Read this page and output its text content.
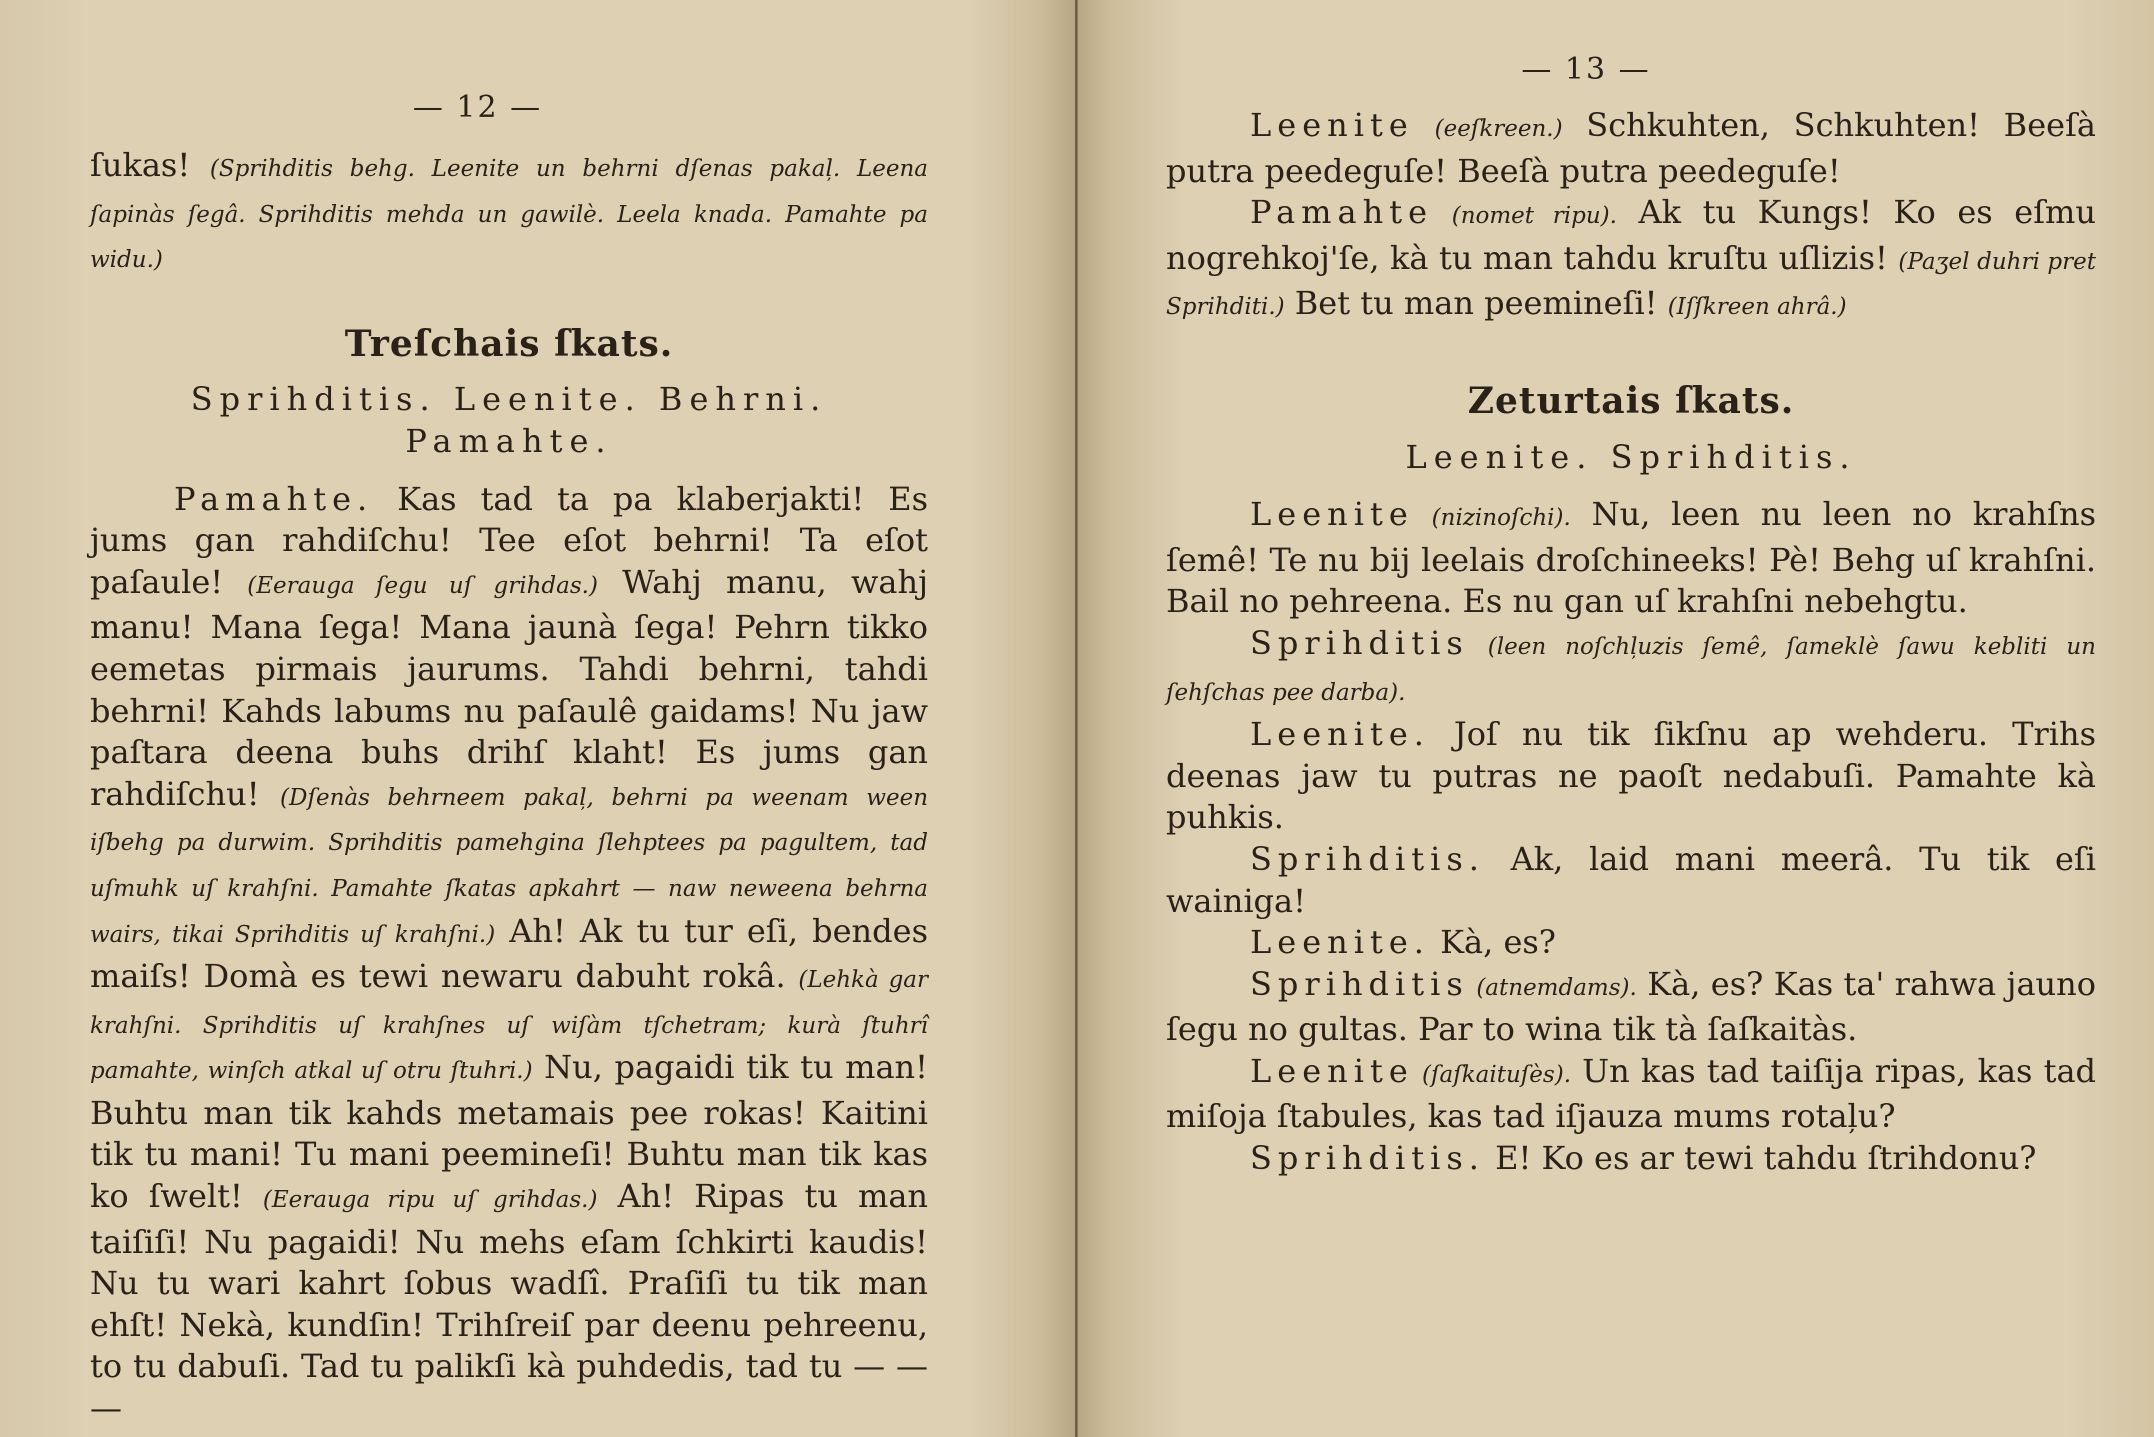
— 12 —

ſukas! (Sprihditis behg. Leenite un behrni dſenas pakaļ. Leena ſapinàs ſegâ. Sprihditis mehda un gawilè. Leela knada. Pamahte pa widu.)

Treſchais ſkats.
Sprihditis. Leenite. Behrni. Pamahte.

Pamahte. Kas tad ta pa klaberjakti! Es jums gan rahdiſchu! Tee eſot behrni! Ta eſot paſaule! (Eerauga ſegu uſ grihdas.) Wahj manu, wahj manu! Mana ſega! Mana jaunà ſega! Pehrn tikko eemetas pirmais jaurums. Tahdi behrni, tahdi behrni! Kahds labums nu paſaulê gaidams! Nu jaw paſtara deena buhs drihſ klaht! Es jums gan rahdiſchu! (Dſenàs behrneem pakaļ, behrni pa weenam ween iſbehg pa durwim. Sprihditis pamehgina ſlehptees pa pagultem, tad uſmuhk uſ krahſni. Pamahte ſkatas apkahrt — naw neweena behrna wairs, tikai Sprihditis uſ krahſni.) Ah! Ak tu tur eſi, bendes maiſs! Domà es tewi newaru dabuht rokâ. (Lehkà gar krahſni. Sprihditis uſ krahſnes uſ wiſàm tſchetram; kurà ſtuhrî pamahte, winſch atkal uſ otru ſtuhri.) Nu, pagaidi tik tu man! Buhtu man tik kahds metamais pee rokas! Kaitini tik tu mani! Tu mani peemineſi! Buhtu man tik kas ko ſwelt! (Eerauga ripu uſ grihdas.) Ah! Ripas tu man taiſiſi! Nu pagaidi! Nu mehs eſam ſchkirti kaudis! Nu tu wari kahrt ſobus wadſî. Praſiſi tu tik man ehſt! Nekà, kundſin! Trihſreiſ par deenu pehreenu, to tu dabuſi. Tad tu palikſi kà puhdedis, tad tu — — —

— 13 —

Leenite (eeſkreen.) Schkuhten, Schkuhten! Beeſà putra peedeguſe! Beeſà putra peedeguſe!

Pamahte (nomet ripu). Ak tu Kungs! Ko es eſmu nogrehkoj'ſe, kà tu man tahdu kruſtu uſlizis! (Paʒel duhri pret Sprihditi.) Bet tu man peemineſi! (Iſſkreen ahrâ.)

Zeturtais ſkats.
Leenite. Sprihditis.

Leenite (nizinoſchi). Nu, leen nu leen no krahſns ſemê! Te nu bij leelais droſchineeks! Pè! Behg uſ krahſni. Bail no pehreena. Es nu gan uſ krahſni nebehgtu.

Sprihditis (leen noſchļuzis ſemê, ſameklè ſawu kebliti un ſehſchas pee darba).

Leenite. Joſ nu tik ſikſnu ap wehderu. Trihs deenas jaw tu putras ne paoſt nedabuſi. Pamahte kà puhkis.

Sprihditis. Ak, laid mani meerâ. Tu tik eſi wainiga!

Leenite. Kà, es?

Sprihditis (atnemdams). Kà, es? Kas ta' rahwa jauno ſegu no gultas. Par to wina tik tà ſaſkaitàs.

Leenite (ſaſkaituſès). Un kas tad taiſija ripas, kas tad miſoja ſtabules, kas tad iſjauza mums rotaļu?

Sprihditis. E! Ko es ar tewi tahdu ſtrihdonu?
